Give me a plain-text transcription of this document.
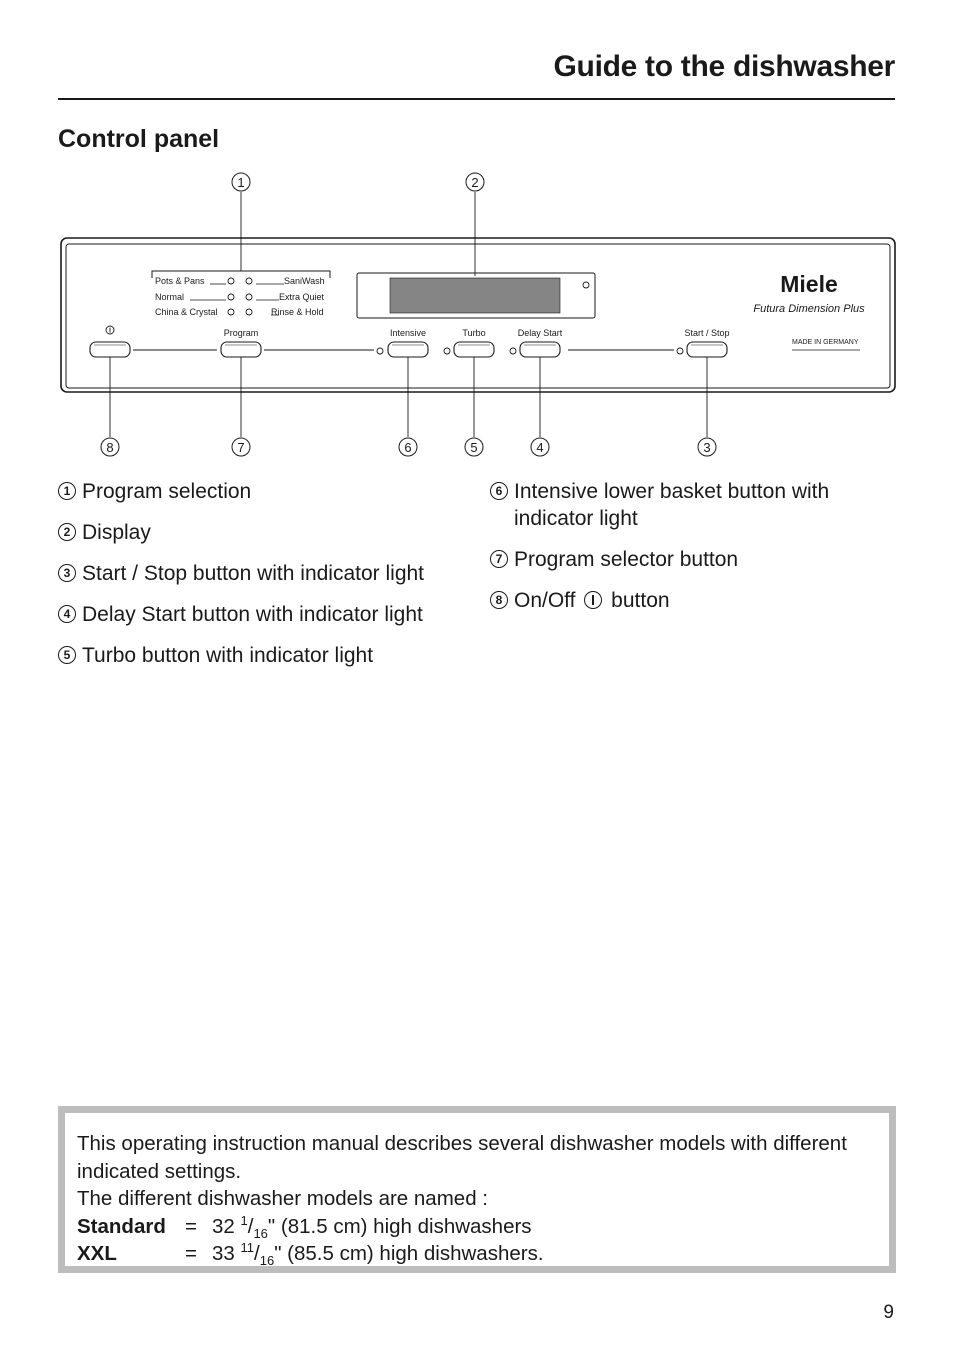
Guide to the dishwasher
Control panel
Pots & Pans
Normal
China & Crystal
SaniWash
Extra Quiet
Rinse & Hold
Miele
Futura Dimension Plus
MADE IN GERMANY
Program	Intensive	Turbo	Delay Start	Start / Stop
1	2
8	7	6	5	4	3
1 Program selection
2 Display
3 Start / Stop button with indicator light
4 Delay Start button with indicator light
5 Turbo button with indicator light
6 Intensive lower basket button with indicator light
7 Program selector button
8 On/Off button
This operating instruction manual describes several dishwasher models with different indicated settings.
The different dishwasher models are named :
Standard = 32 $^1/_{16}$" (81.5 cm) high dishwashers
XXL	= 33 $^{11}/_{16}$" (85.5 cm) high dishwashers.
9
